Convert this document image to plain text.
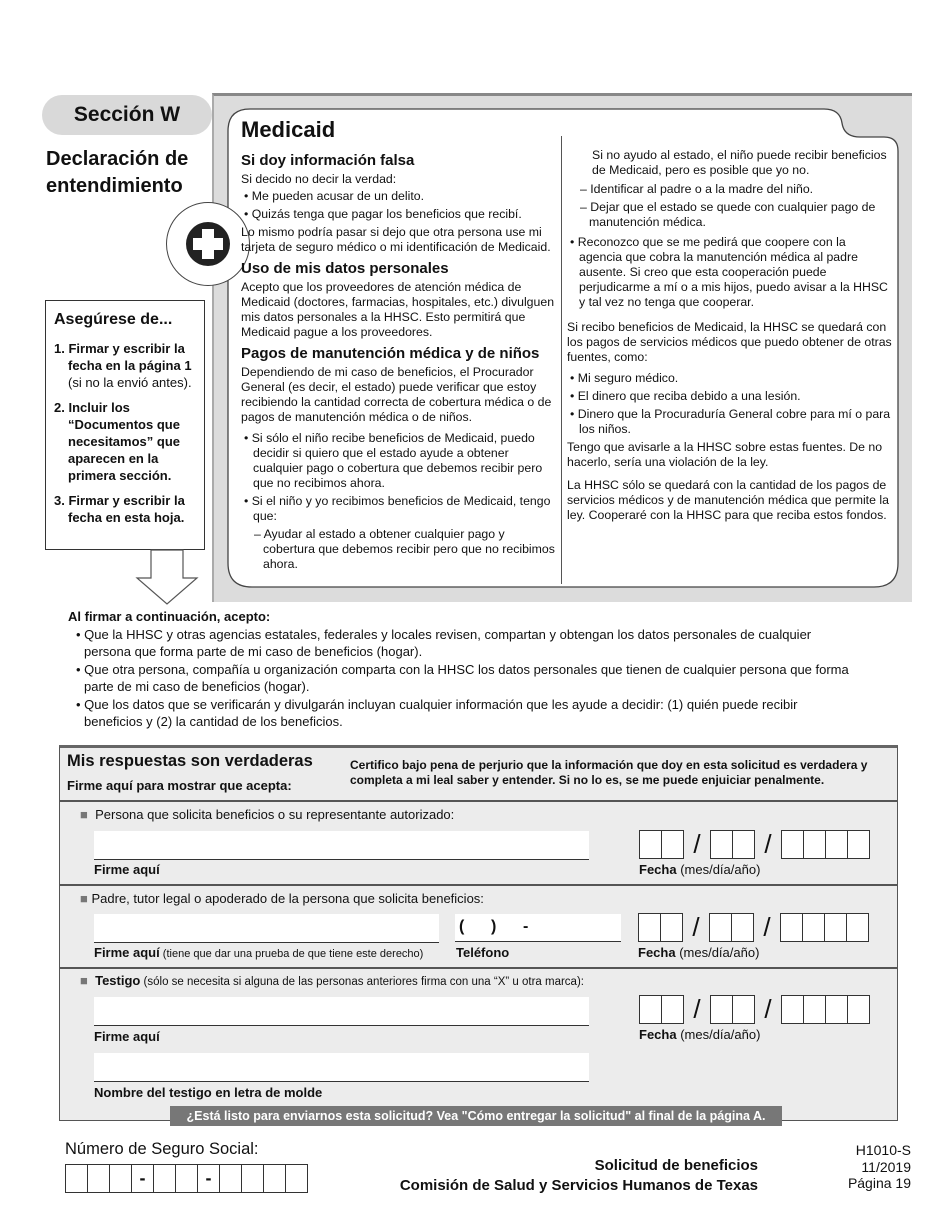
Sección W
Declaración de entendimiento
Medicaid
Si doy información falsa

Si decido no decir la verdad:

• Me pueden acusar de un delito.
• Quizás tenga que pagar los beneficios que recibí.

Lo mismo podría pasar si dejo que otra persona use mi tarjeta de seguro médico o mi identificación de Medicaid.

Uso de mis datos personales

Acepto que los proveedores de atención médica de Medicaid (doctores, farmacias, hospitales, etc.) divulguen mis datos personales a la HHSC. Esto permitirá que Medicaid pague a los proveedores.

Pagos de manutención médica y de niños

Dependiendo de mi caso de beneficios, el Procurador General (es decir, el estado) puede verificar que estoy recibiendo la cantidad correcta de cobertura médica o de pagos de manutención médica o de niños.

• Si sólo el niño recibe beneficios de Medicaid, puedo decidir si quiero que el estado ayude a obtener cualquier pago o cobertura que debemos recibir pero que no recibimos ahora.
• Si el niño y yo recibimos beneficios de Medicaid, tengo que:
– Ayudar al estado a obtener cualquier pago y cobertura que debemos recibir pero que no recibimos ahora.

Si no ayudo al estado, el niño puede recibir beneficios de Medicaid, pero es posible que yo no.

– Identificar al padre o a la madre del niño.
– Dejar que el estado se quede con cualquier pago de manutención médica.
• Reconozco que se me pedirá que coopere con la agencia que cobra la manutención médica al padre ausente. Si creo que esta cooperación puede perjudicarme a mí o a mis hijos, puedo avisar a la HHSC y tal vez no tenga que cooperar.

Si recibo beneficios de Medicaid, la HHSC se quedará con los pagos de servicios médicos que puedo obtener de otras fuentes, como:

• Mi seguro médico.
• El dinero que reciba debido a una lesión.
• Dinero que la Procuraduría General cobre para mí o para los niños.

Tengo que avisarle a la HHSC sobre estas fuentes. De no hacerlo, sería una violación de la ley.

La HHSC sólo se quedará con la cantidad de los pagos de servicios médicos y de manutención médica que permite la ley. Cooperaré con la HHSC para que reciba estos fondos.

Asegúrese de...
1. Firmar y escribir la fecha en la página 1 (si no la envió antes).
2. Incluir los “Documentos que necesitamos” que aparecen en la primera sección.
3. Firmar y escribir la fecha en esta hoja.
Al firmar a continuación, acepto:
• Que la HHSC y otras agencias estatales, federales y locales revisen, compartan y obtengan los datos personales de cualquier persona que forma parte de mi caso de beneficios (hogar).
• Que otra persona, compañía u organización comparta con la HHSC los datos personales que tienen de cualquier persona que forma parte de mi caso de beneficios (hogar).
• Que los datos que se verificarán y divulgarán incluyan cualquier información que les ayude a decidir: (1) quién puede recibir beneficios y (2) la cantidad de los beneficios.
Mis respuestas son verdaderas
Firme aquí para mostrar que acepta:
Certifico bajo pena de perjurio que la información que doy en esta solicitud es verdadera y completa a mi leal saber y entender. Si no lo es, se me puede enjuiciar penalmente.
■ Persona que solicita beneficios o su representante autorizado:
Firme aquí
/	/
Fecha (mes/día/año)
■ Padre, tutor legal o apoderado de la persona que solicita beneficios:
Firme aquí (tiene que dar una prueba de que tiene este derecho)
(      )      -
Teléfono
/	/
Fecha (mes/día/año)
■ Testigo (sólo se necesita si alguna de las personas anteriores firma con una “X” u otra marca):
Firme aquí
/	/
Fecha (mes/día/año)
Nombre del testigo en letra de molde
¿Está listo para enviarnos esta solicitud? Vea "Cómo entregar la solicitud" al final de la página A.
Número de Seguro Social:
-	-
Solicitud de beneficios
Comisión de Salud y Servicios Humanos de Texas
H1010-S
11/2019
Página 19
